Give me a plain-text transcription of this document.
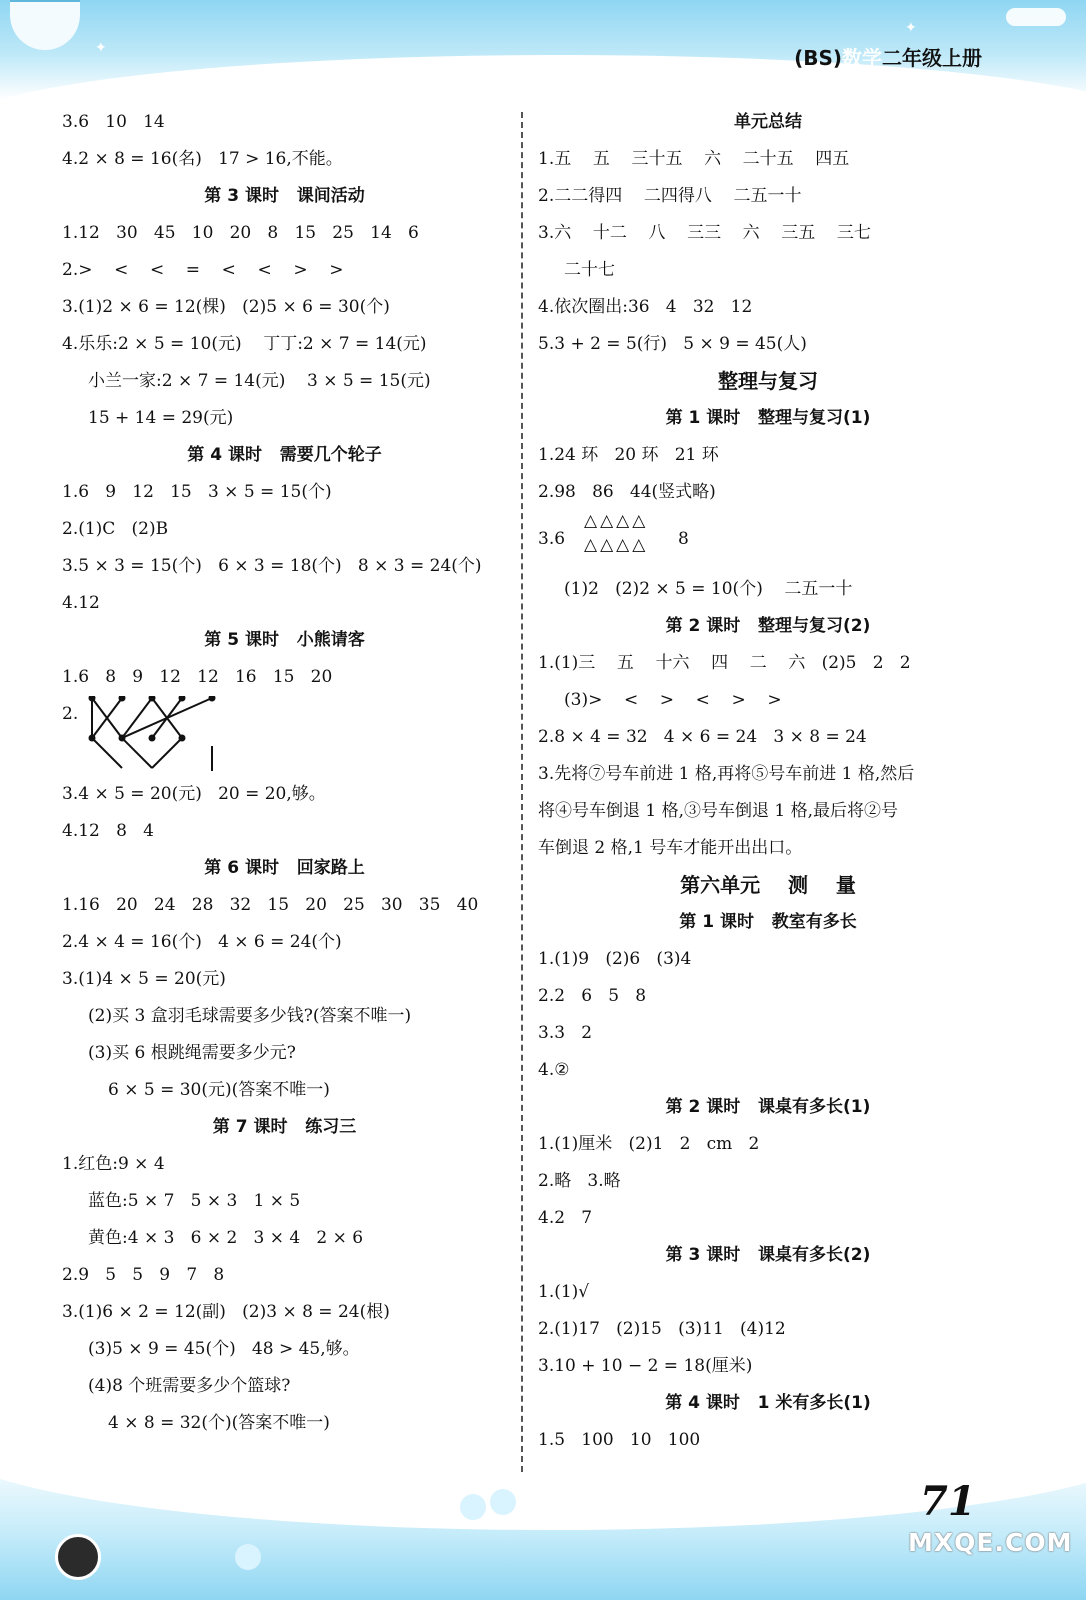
✦
✦
(BS)数学二年级上册
3.6   10   14
4.2 × 8 = 16(名)   17 > 16,不能。
第 3 课时   课间活动
1.12   30   45   10   20   8   15   25   14   6
2.>    <    <    =    <    <    >    >
3.(1)2 × 6 = 12(棵)   (2)5 × 6 = 30(个)
4.乐乐:2 × 5 = 10(元)    丁丁:2 × 7 = 14(元)
小兰一家:2 × 7 = 14(元)    3 × 5 = 15(元)
15 + 14 = 29(元)
第 4 课时   需要几个轮子
1.6   9   12   15   3 × 5 = 15(个)
2.(1)C   (2)B
3.5 × 3 = 15(个)   6 × 3 = 18(个)   8 × 3 = 24(个)
4.12
第 5 课时   小熊请客
1.6   8   9   12   12   16   15   20
2.
3.4 × 5 = 20(元)   20 = 20,够。
4.12   8   4
第 6 课时   回家路上
1.16   20   24   28   32   15   20   25   30   35   40
2.4 × 4 = 16(个)   4 × 6 = 24(个)
3.(1)4 × 5 = 20(元)
(2)买 3 盒羽毛球需要多少钱?(答案不唯一)
(3)买 6 根跳绳需要多少元?
6 × 5 = 30(元)(答案不唯一)
第 7 课时   练习三
1.红色:9 × 4
蓝色:5 × 7   5 × 3   1 × 5
黄色:4 × 3   6 × 2   3 × 4   2 × 6
2.9   5   5   9   7   8
3.(1)6 × 2 = 12(副)   (2)3 × 8 = 24(根)
(3)5 × 9 = 45(个)   48 > 45,够。
(4)8 个班需要多少个篮球?
4 × 8 = 32(个)(答案不唯一)
单元总结
1.五    五    三十五    六    二十五    四五
2.二二得四    二四得八    二五一十
3.六    十二    八    三三    六    三五    三七
二十七
4.依次圈出:36   4   32   12
5.3 + 2 = 5(行)   5 × 9 = 45(人)
整理与复习
第 1 课时   整理与复习(1)
1.24 环   20 环   21 环
2.98   86   44(竖式略)
3.6
△△△△
△△△△ 8
(1)2   (2)2 × 5 = 10(个)    二五一十
第 2 课时   整理与复习(2)
1.(1)三    五    十六    四    二    六   (2)5   2   2
(3)>    <    >    <    >    >
2.8 × 4 = 32   4 × 6 = 24   3 × 8 = 24
3.先将⑦号车前进 1 格,再将⑤号车前进 1 格,然后
将④号车倒退 1 格,③号车倒退 1 格,最后将②号
车倒退 2 格,1 号车才能开出出口。
第六单元    测    量
第 1 课时   教室有多长
1.(1)9   (2)6   (3)4
2.2   6   5   8
3.3   2
4.②
第 2 课时   课桌有多长(1)
1.(1)厘米   (2)1   2   cm   2
2.略   3.略
4.2   7
第 3 课时   课桌有多长(2)
1.(1)√
2.(1)17   (2)15   (3)11   (4)12
3.10 + 10 − 2 = 18(厘米)
第 4 课时   1 米有多长(1)
1.5   100   10   100
71
MXQE.COM
